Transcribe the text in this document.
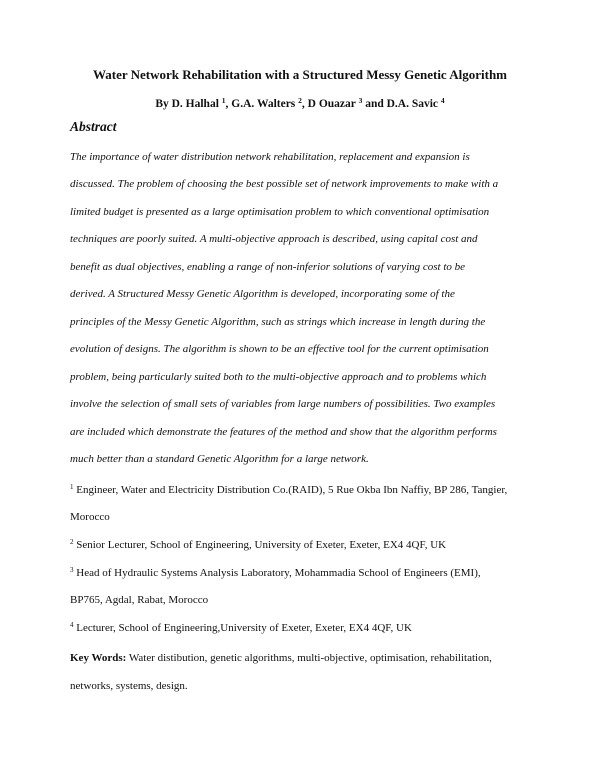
Water Network Rehabilitation with a Structured Messy Genetic Algorithm
By D. Halhal $^1$, G.A. Walters $^2$, D Ouazar $^3$ and D.A. Savic $^4$
Abstract
The importance of water distribution network rehabilitation, replacement and expansion is
discussed. The problem of choosing the best possible set of network improvements to make with a
limited budget is presented as a large optimisation problem to which conventional optimisation
techniques are poorly suited. A multi-objective approach is described, using capital cost and
benefit as dual objectives, enabling a range of non-inferior solutions of varying cost to be
derived. A Structured Messy Genetic Algorithm is developed, incorporating some of the
principles of the Messy Genetic Algorithm, such as strings which increase in length during the
evolution of designs. The algorithm is shown to be an effective tool for the current optimisation
problem, being particularly suited both to the multi-objective approach and to problems which
involve the selection of small sets of variables from large numbers of possibilities. Two examples
are included which demonstrate the features of the method and show that the algorithm performs
much better than a standard Genetic Algorithm for a large network.
$^1$ Engineer, Water and Electricity Distribution Co.(RAID), 5 Rue Okba Ibn Naffiy, BP 286, Tangier,
Morocco
$^2$ Senior Lecturer, School of Engineering, University of Exeter, Exeter, EX4 4QF, UK
$^3$ Head of Hydraulic Systems Analysis Laboratory, Mohammadia School of Engineers (EMI),
BP765, Agdal, Rabat, Morocco
$^4$ Lecturer, School of Engineering,University of Exeter, Exeter, EX4 4QF, UK
Key Words: Water distibution, genetic algorithms, multi-objective, optimisation, rehabilitation,
networks, systems, design.
